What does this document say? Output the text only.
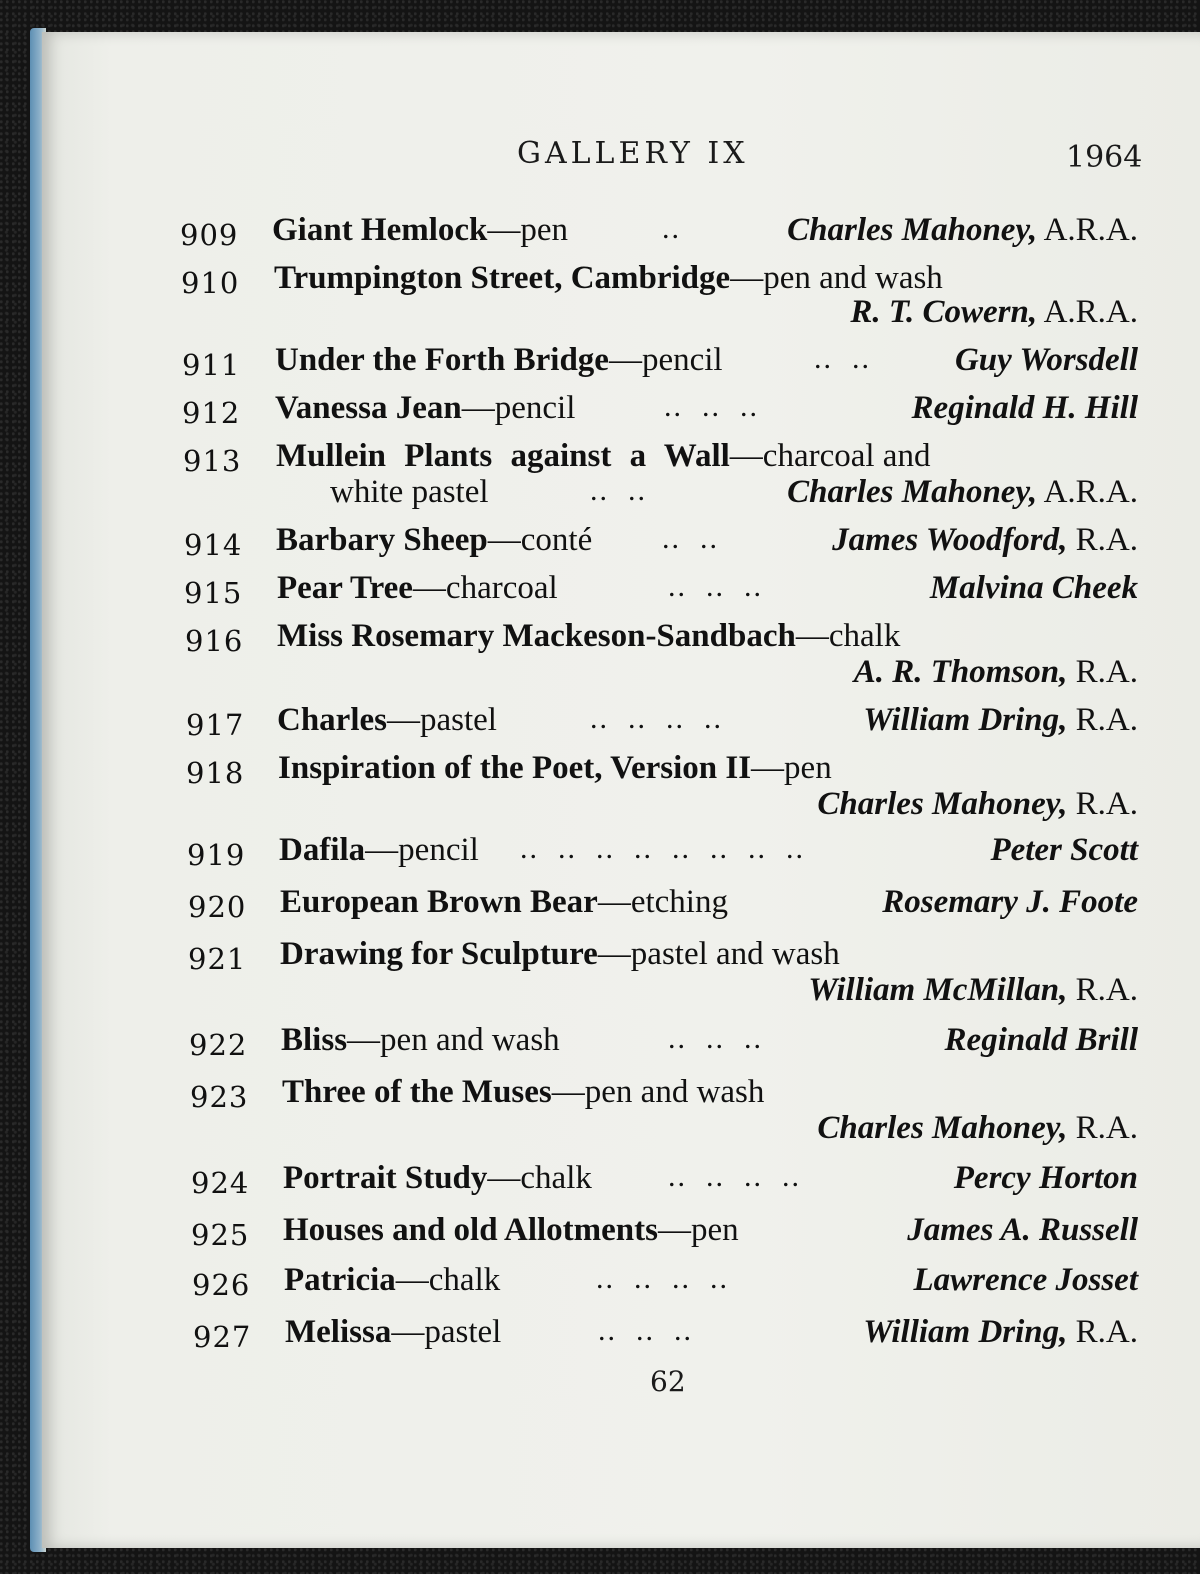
GALLERY IX	1964
909 Giant Hemlock—pen	..	Charles Mahoney, A.R.A.
910 Trumpington Street, Cambridge—pen and wash
R. T. Cowern, A.R.A.
911 Under the Forth Bridge—pencil	..  ..	Guy Worsdell
912 Vanessa Jean—pencil	..  ..  ..	Reginald H. Hill
913 Mullein Plants against a Wall—charcoal and
white pastel	..  ..	Charles Mahoney, A.R.A.
914 Barbary Sheep—conté ..  ..	James Woodford, R.A.
915 Pear Tree—charcoal	..  ..  ..	Malvina Cheek
916 Miss Rosemary Mackeson-Sandbach—chalk
A. R. Thomson, R.A.
917 Charles—pastel	..  ..  ..  ..	William Dring, R.A.
918 Inspiration of the Poet, Version II—pen
Charles Mahoney, R.A.
919 Dafila—pencil ..  ..  ..  ..  ..  ..  ..  ..	Peter Scott
920 European Brown Bear—etching	Rosemary J. Foote
921 Drawing for Sculpture—pastel and wash
William McMillan, R.A.
922 Bliss—pen and wash	..  ..  ..	Reginald Brill
923 Three of the Muses—pen and wash
Charles Mahoney, R.A.
924 Portrait Study—chalk	..  ..  ..  ..	Percy Horton
925 Houses and old Allotments—pen	James A. Russell
926 Patricia—chalk	..  ..  ..  ..	Lawrence Josset
927 Melissa—pastel	..  ..  ..	William Dring, R.A.
62
